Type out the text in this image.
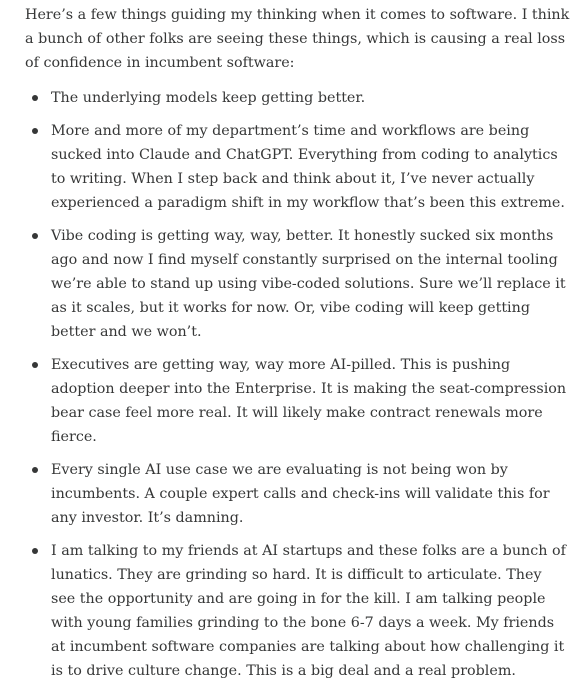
Here’s a few things guiding my thinking when it comes to software. I think a bunch of other folks are seeing these things, which is causing a real loss of confidence in incumbent software:

The underlying models keep getting better.
More and more of my department’s time and workflows are being sucked into Claude and ChatGPT. Everything from coding to analytics to writing. When I step back and think about it, I’ve never actually experienced a paradigm shift in my workflow that’s been this extreme.
Vibe coding is getting way, way, better. It honestly sucked six months ago and now I find myself constantly surprised on the internal tooling we’re able to stand up using vibe-coded solutions. Sure we’ll replace it as it scales, but it works for now. Or, vibe coding will keep getting better and we won’t.
Executives are getting way, way more AI-pilled. This is pushing adoption deeper into the Enterprise. It is making the seat-compression bear case feel more real. It will likely make contract renewals more fierce.
Every single AI use case we are evaluating is not being won by incumbents. A couple expert calls and check-ins will validate this for any investor. It’s damning.
I am talking to my friends at AI startups and these folks are a bunch of lunatics. They are grinding so hard. It is difficult to articulate. They see the opportunity and are going in for the kill. I am talking people with young families grinding to the bone 6-7 days a week. My friends at incumbent software companies are talking about how challenging it is to drive culture change. This is a big deal and a real problem.
